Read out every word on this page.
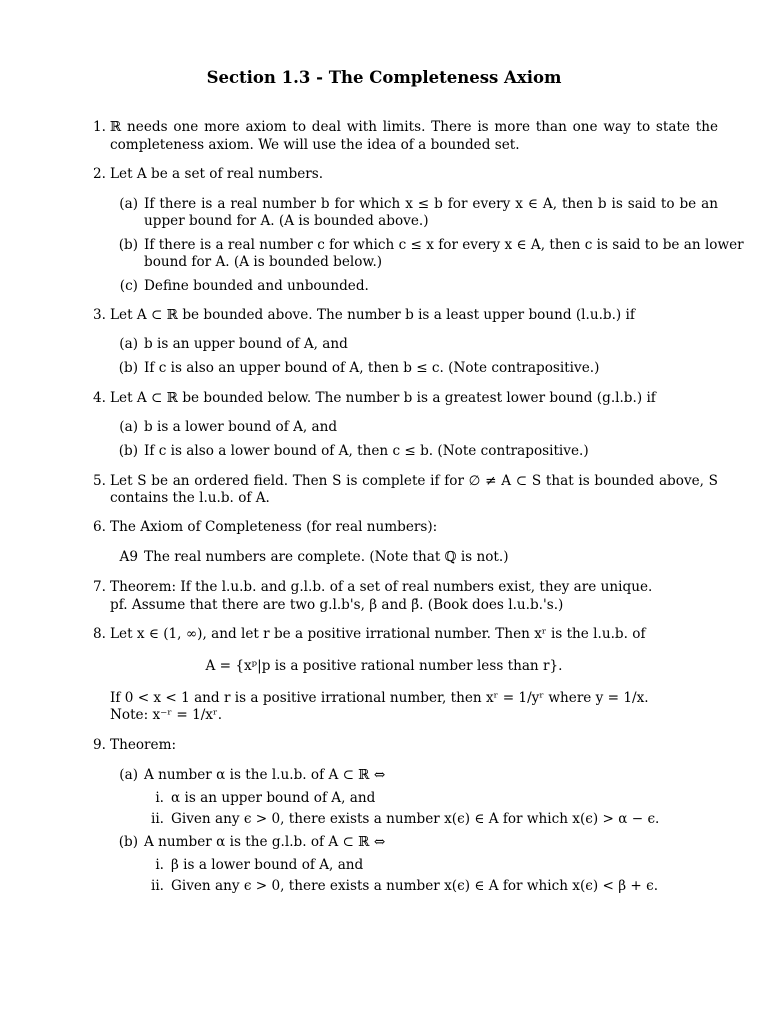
Section 1.3 - The Completeness Axiom
1. ℝ needs one more axiom to deal with limits. There is more than one way to state the
completeness axiom. We will use the idea of a bounded set.
2. Let A be a set of real numbers.
(a) If there is a real number b for which x ≤ b for every x ∈ A, then b is said to be an
upper bound for A. (A is bounded above.)
(b) If there is a real number c for which c ≤ x for every x ∈ A, then c is said to be an lower
bound for A. (A is bounded below.)
(c) Define bounded and unbounded.
3. Let A ⊂ ℝ be bounded above. The number b is a least upper bound (l.u.b.) if
(a) b is an upper bound of A, and
(b) If c is also an upper bound of A, then b ≤ c. (Note contrapositive.)
4. Let A ⊂ ℝ be bounded below. The number b is a greatest lower bound (g.l.b.) if
(a) b is a lower bound of A, and
(b) If c is also a lower bound of A, then c ≤ b. (Note contrapositive.)
5. Let S be an ordered field. Then S is complete if for ∅ ≠ A ⊂ S that is bounded above, S
contains the l.u.b. of A.
6. The Axiom of Completeness (for real numbers):
A9 The real numbers are complete. (Note that ℚ is not.)
7. Theorem: If the l.u.b. and g.l.b. of a set of real numbers exist, they are unique.
pf. Assume that there are two g.l.b's, β and β̄. (Book does l.u.b.'s.)
8. Let x ∈ (1, ∞), and let r be a positive irrational number. Then xʳ is the l.u.b. of
A = {xᵖ|p is a positive rational number less than r}.
If 0 < x < 1 and r is a positive irrational number, then xʳ = 1/yʳ where y = 1/x.
Note: x⁻ʳ = 1/xʳ.
9. Theorem:
(a) A number α is the l.u.b. of A ⊂ ℝ ⇔
i. α is an upper bound of A, and
ii. Given any ϵ > 0, there exists a number x(ϵ) ∈ A for which x(ϵ) > α − ϵ.
(b) A number α is the g.l.b. of A ⊂ ℝ ⇔
i. β is a lower bound of A, and
ii. Given any ϵ > 0, there exists a number x(ϵ) ∈ A for which x(ϵ) < β + ϵ.
